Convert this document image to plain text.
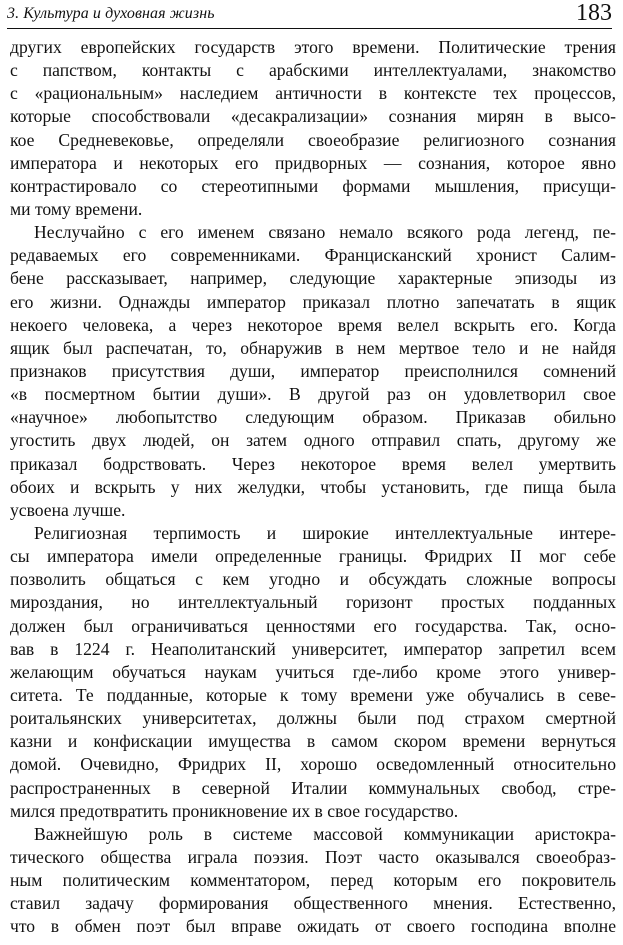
3. Культура и духовная жизнь	183
других европейских государств этого времени. Политические трения
с папством, контакты с арабскими интеллектуалами, знакомство
с «рациональным» наследием античности в контексте тех процессов,
которые способствовали «десакрализации» сознания мирян в высо-
кое Средневековье, определяли своеобразие религиозного сознания
императора и некоторых его придворных — сознания, которое явно
контрастировало со стереотипными формами мышления, присущи-
ми тому времени.
Неслучайно с его именем связано немало всякого рода легенд, пе-
редаваемых его современниками. Францисканский хронист Салим-
бене рассказывает, например, следующие характерные эпизоды из
его жизни. Однажды император приказал плотно запечатать в ящик
некоего человека, а через некоторое время велел вскрыть его. Когда
ящик был распечатан, то, обнаружив в нем мертвое тело и не найдя
признаков присутствия души, император преисполнился сомнений
«в посмертном бытии души». В другой раз он удовлетворил свое
«научное» любопытство следующим образом. Приказав обильно
угостить двух людей, он затем одного отправил спать, другому же
приказал бодрствовать. Через некоторое время велел умертвить
обоих и вскрыть у них желудки, чтобы установить, где пища была
усвоена лучше.
Религиозная терпимость и широкие интеллектуальные интере-
сы императора имели определенные границы. Фридрих II мог себе
позволить общаться с кем угодно и обсуждать сложные вопросы
мироздания, но интеллектуальный горизонт простых подданных
должен был ограничиваться ценностями его государства. Так, осно-
вав в 1224 г. Неаполитанский университет, император запретил всем
желающим обучаться наукам учиться где-либо кроме этого универ-
ситета. Те подданные, которые к тому времени уже обучались в севе-
роитальянских университетах, должны были под страхом смертной
казни и конфискации имущества в самом скором времени вернуться
домой. Очевидно, Фридрих II, хорошо осведомленный относительно
распространенных в северной Италии коммунальных свобод, стре-
мился предотвратить проникновение их в свое государство.
Важнейшую роль в системе массовой коммуникации аристокра-
тического общества играла поэзия. Поэт часто оказывался своеобраз-
ным политическим комментатором, перед которым его покровитель
ставил задачу формирования общественного мнения. Естественно,
что в обмен поэт был вправе ожидать от своего господина вполне
